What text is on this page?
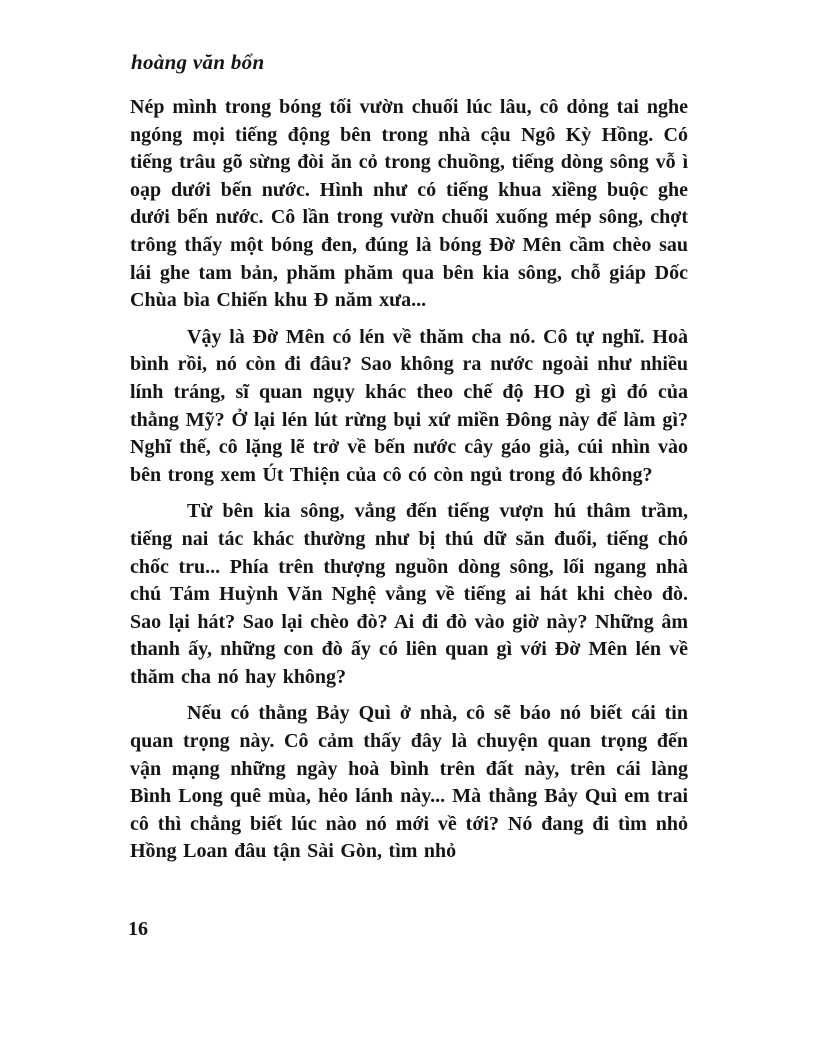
hoàng văn bổn

Nép mình trong bóng tối vườn chuối lúc lâu, cô dỏng tai nghe ngóng mọi tiếng động bên trong nhà cậu Ngô Kỳ Hồng. Có tiếng trâu gõ sừng đòi ăn cỏ trong chuồng, tiếng dòng sông vỗ ì oạp dưới bến nước. Hình như có tiếng khua xiềng buộc ghe dưới bến nước. Cô lần trong vườn chuối xuống mép sông, chợt trông thấy một bóng đen, đúng là bóng Đờ Mên cầm chèo sau lái ghe tam bản, phăm phăm qua bên kia sông, chỗ giáp Dốc Chùa bìa Chiến khu Đ năm xưa...

Vậy là Đờ Mên có lén về thăm cha nó. Cô tự nghĩ. Hoà bình rồi, nó còn đi đâu? Sao không ra nước ngoài như nhiều lính tráng, sĩ quan ngụy khác theo chế độ HO gì gì đó của thằng Mỹ? Ở lại lén lút rừng bụi xứ miền Đông này để làm gì? Nghĩ thế, cô lặng lẽ trở về bến nước cây gáo già, cúi nhìn vào bên trong xem Út Thiện của cô có còn ngủ trong đó không?

Từ bên kia sông, vẳng đến tiếng vượn hú thâm trầm, tiếng nai tác khác thường như bị thú dữ săn đuổi, tiếng chó chốc tru... Phía trên thượng nguồn dòng sông, lối ngang nhà chú Tám Huỳnh Văn Nghệ vẳng về tiếng ai hát khi chèo đò. Sao lại hát? Sao lại chèo đò? Ai đi đò vào giờ này? Những âm thanh ấy, những con đò ấy có liên quan gì với Đờ Mên lén về thăm cha nó hay không?

Nếu có thằng Bảy Quì ở nhà, cô sẽ báo nó biết cái tin quan trọng này. Cô cảm thấy đây là chuyện quan trọng đến vận mạng những ngày hoà bình trên đất này, trên cái làng Bình Long quê mùa, hẻo lánh này... Mà thằng Bảy Quì em trai cô thì chẳng biết lúc nào nó mới về tới? Nó đang đi tìm nhỏ Hồng Loan đâu tận Sài Gòn, tìm nhỏ

16
